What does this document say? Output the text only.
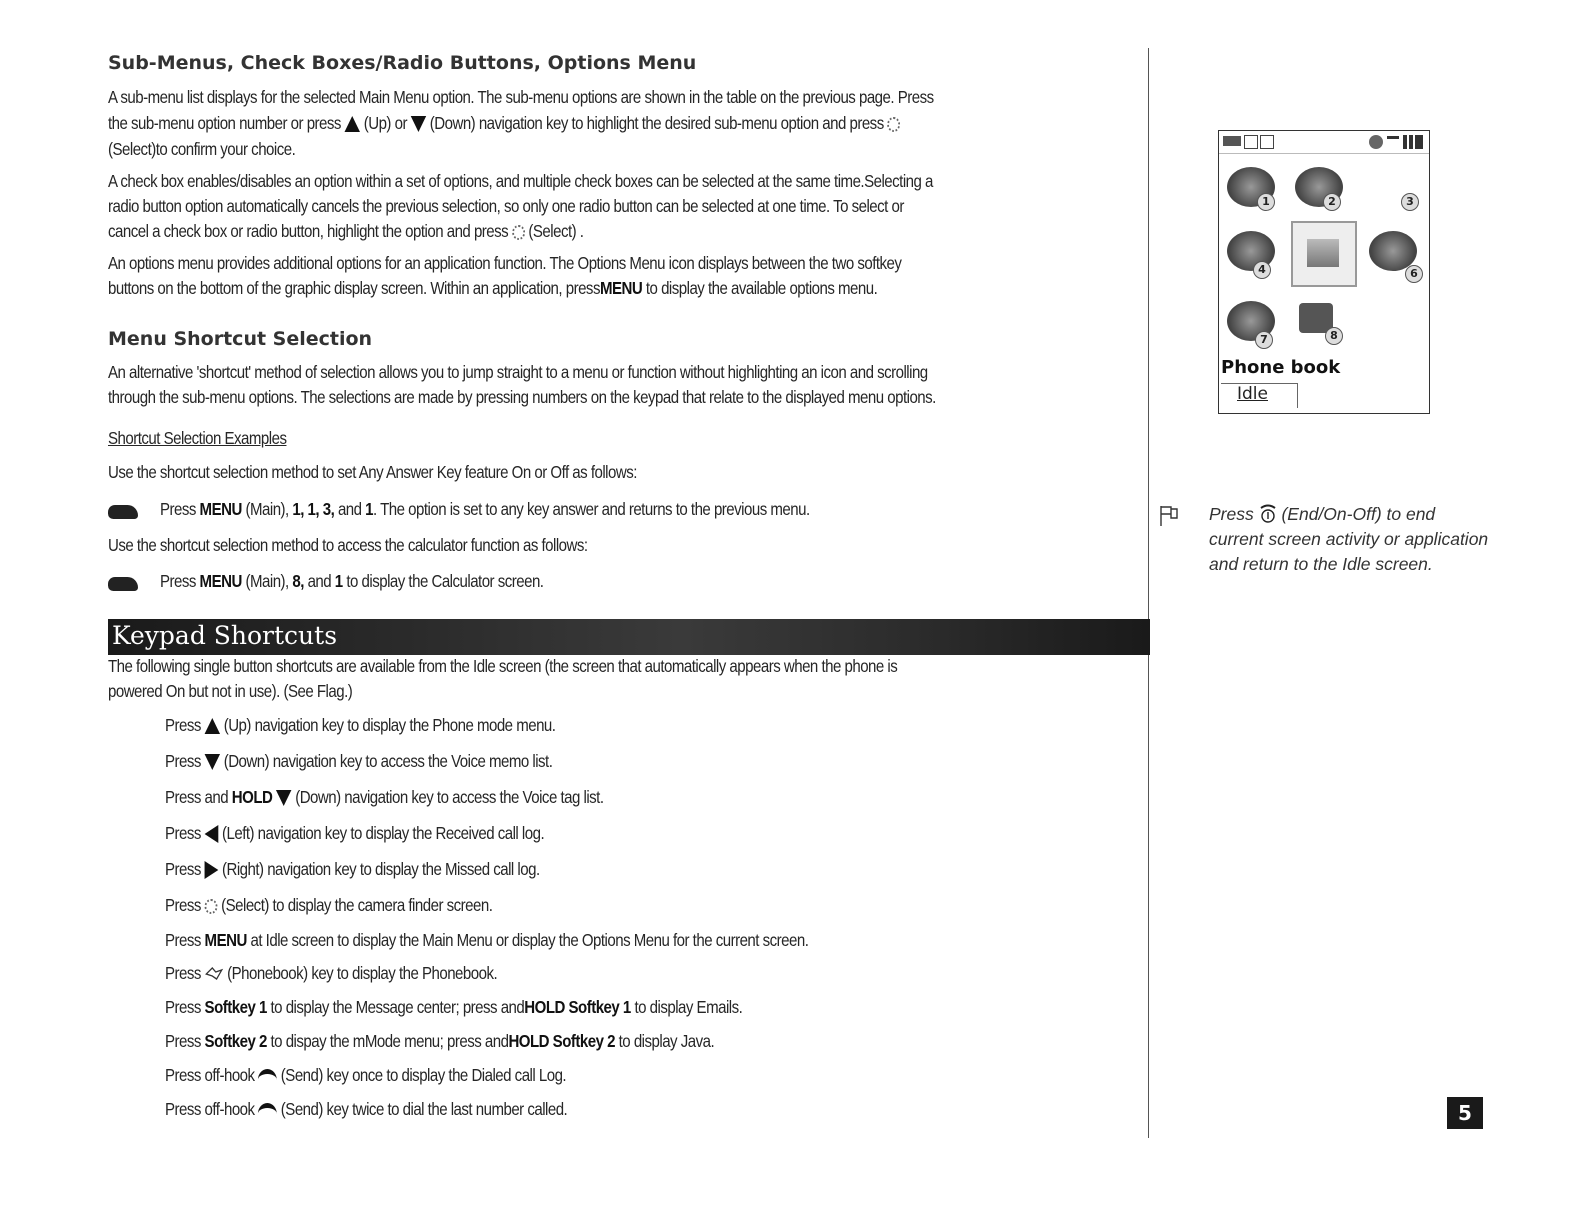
Sub-Menus, Check Boxes/Radio Buttons, Options Menu
A sub-menu list displays for the selected Main Menu option. The sub-menu options are shown in the table on the previous page. Press
the sub-menu option number or press (Up) or (Down) navigation key to highlight the desired sub-menu option and press
(Select)to confirm your choice.
A check box enables/disables an option within a set of options, and multiple check boxes can be selected at the same time.Selecting a
radio button option automatically cancels the previous selection, so only one radio button can be selected at one time. To select or
cancel a check box or radio button, highlight the option and press (Select) .
An options menu provides additional options for an application function. The Options Menu icon displays between the two softkey
buttons on the bottom of the graphic display screen. Within an application, pressMENU to display the available options menu.
Menu Shortcut Selection
An alternative 'shortcut' method of selection allows you to jump straight to a menu or function without highlighting an icon and scrolling
through the sub-menu options. The selections are made by pressing numbers on the keypad that relate to the displayed menu options.
Shortcut Selection Examples
Use the shortcut selection method to set Any Answer Key feature On or Off as follows:
Press MENU (Main), 1, 1, 3, and 1. The option is set to any key answer and returns to the previous menu.
Use the shortcut selection method to access the calculator function as follows:
Press MENU (Main), 8, and 1 to display the Calculator screen.
Keypad Shortcuts
The following single button shortcuts are available from the Idle screen (the screen that automatically appears when the phone is
powered On but not in use). (See Flag.)
Press (Up) navigation key to display the Phone mode menu.
Press (Down) navigation key to access the Voice memo list.
Press and HOLD (Down) navigation key to access the Voice tag list.
Press (Left) navigation key to display the Received call log.
Press (Right) navigation key to display the Missed call log.
Press (Select) to display the camera finder screen.
Press MENU at Idle screen to display the Main Menu or display the Options Menu for the current screen.
Press (Phonebook) key to display the Phonebook.
Press Softkey 1 to display the Message center; press andHOLD Softkey 1 to display Emails.
Press Softkey 2 to dispay the mMode menu; press andHOLD Softkey 2 to display Java.
Press off-hook (Send) key once to display the Dialed call Log.
Press off-hook (Send) key twice to dial the last number called.
1	2	3
4	6
7	8
Phone book
Idle
Press (End/On-Off) to end
current screen activity or application
and return to the Idle screen.
5
